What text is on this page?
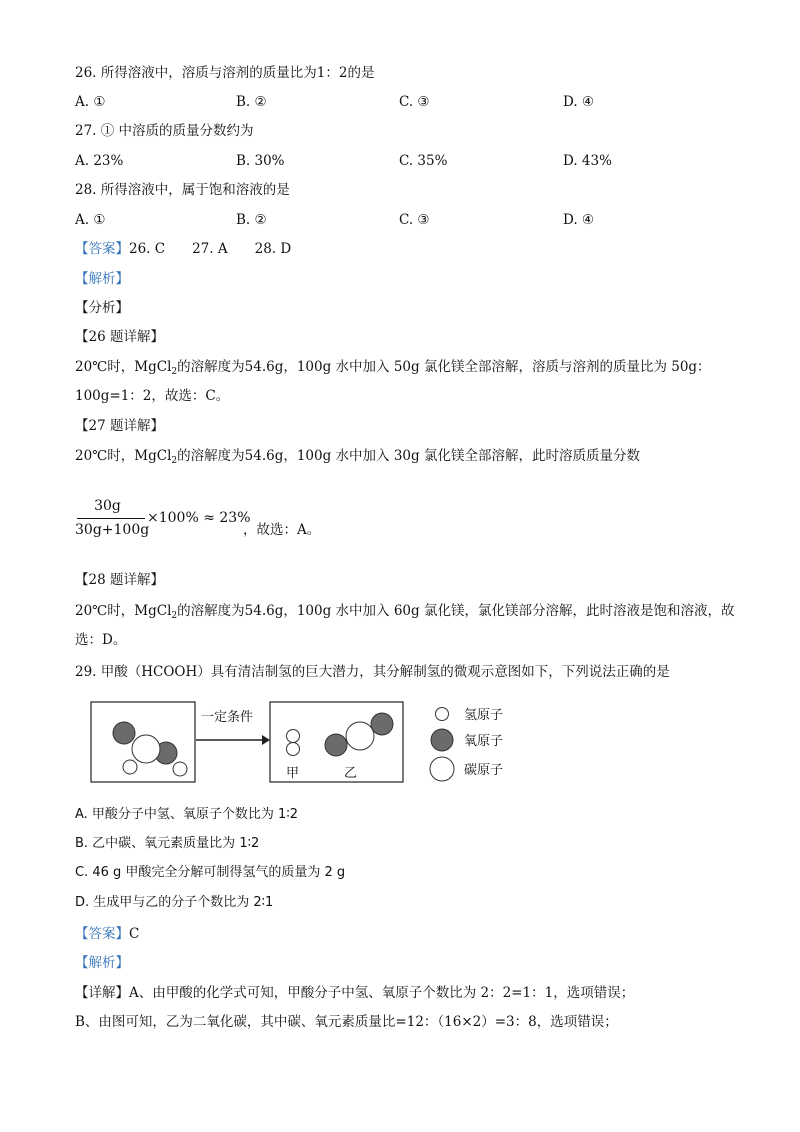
26. 所得溶液中，溶质与溶剂的质量比为1：2的是
A. ①	B. ②	C. ③	D. ④
27. ① 中溶质的质量分数约为
A. 23%	B. 30%	C. 35%	D. 43%
28. 所得溶液中，属于饱和溶液的是
A. ①	B. ②	C. ③	D. ④
【答案】26. C　　27. A　　28. D
【解析】
【分析】
【26 题详解】
20℃时，MgCl$_2$的溶解度为54.6g，100g 水中加入 50g 氯化镁全部溶解，溶质与溶剂的质量比为 50g：
100g=1：2，故选：C。
【27 题详解】
20℃时，MgCl$_2$的溶解度为54.6g，100g 水中加入 30g 氯化镁全部溶解，此时溶质质量分数
30g
30g+100g
×100% ≈ 23%
，故选：A。
【28 题详解】
20℃时，MgCl$_2$的溶解度为54.6g，100g 水中加入 60g 氯化镁，氯化镁部分溶解，此时溶液是饱和溶液，故
选：D。
29. 甲酸（HCOOH）具有清洁制氢的巨大潜力，其分解制氢的微观示意图如下，下列说法正确的是
一定条件
甲	乙
氢原子
氧原子
碳原子
A. 甲酸分子中氢、氧原子个数比为 1∶2
B. 乙中碳、氧元素质量比为 1∶2
C. 46 g 甲酸完全分解可制得氢气的质量为 2 g
D. 生成甲与乙的分子个数比为 2∶1
【答案】C
【解析】
【详解】A、由甲酸的化学式可知，甲酸分子中氢、氧原子个数比为 2：2=1：1，选项错误；
B、由图可知，乙为二氧化碳，其中碳、氧元素质量比=12：（16×2）=3：8，选项错误；
